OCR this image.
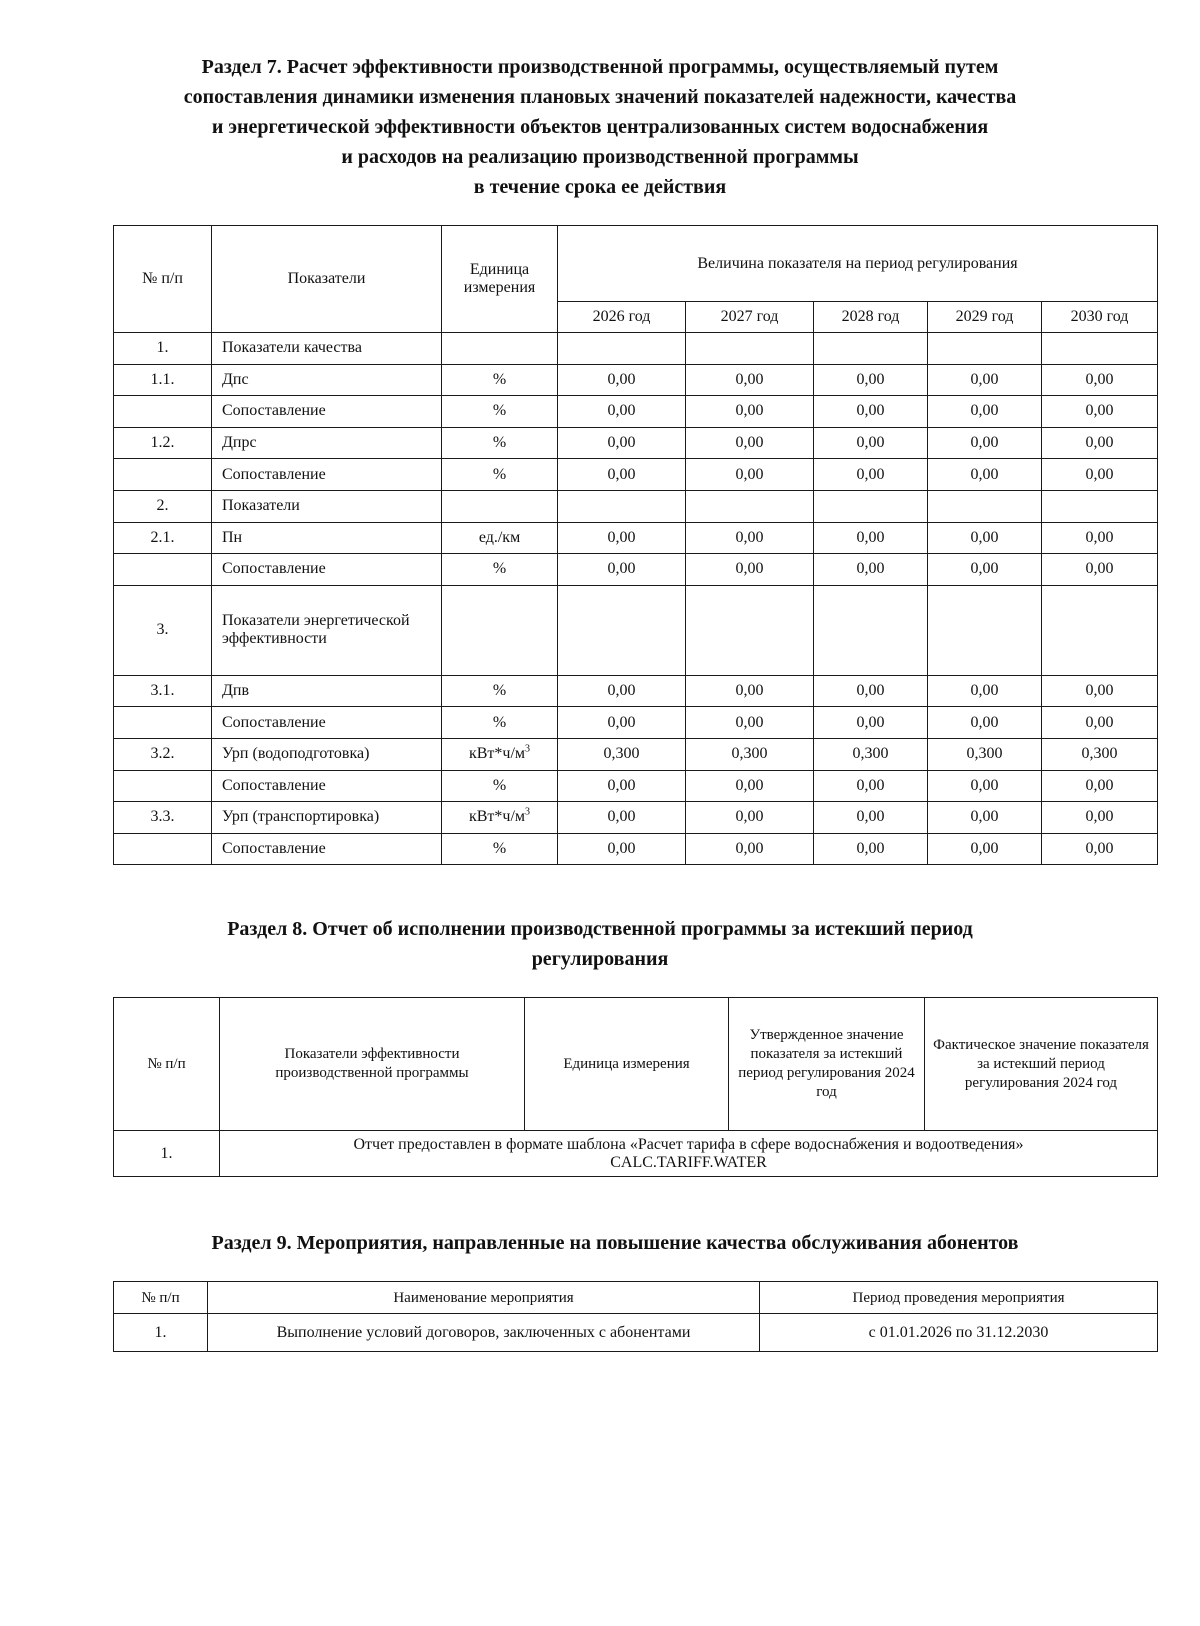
Раздел 7. Расчет эффективности производственной программы, осуществляемый путем
сопоставления динамики изменения плановых значений показателей надежности, качества
и энергетической эффективности объектов централизованных систем водоснабжения
и расходов на реализацию производственной программы
в течение срока ее действия
№ п/п	Показатели	Единица измерения	Величина показателя на период регулирования				
			2026 год	2027 год	2028 год	2029 год	2030 год
1.	Показатели качества						
1.1.	Дпс	%	0,00	0,00	0,00	0,00	0,00
	Сопоставление	%	0,00	0,00	0,00	0,00	0,00
1.2.	Дпрс	%	0,00	0,00	0,00	0,00	0,00
	Сопоставление	%	0,00	0,00	0,00	0,00	0,00
2.	Показатели						
2.1.	Пн	ед./км	0,00	0,00	0,00	0,00	0,00
	Сопоставление	%	0,00	0,00	0,00	0,00	0,00
3.	Показатели энергетической эффективности						
3.1.	Дпв	%	0,00	0,00	0,00	0,00	0,00
	Сопоставление	%	0,00	0,00	0,00	0,00	0,00
3.2.	Урп (водоподготовка)	$кВт*ч/м^3$	0,300	0,300	0,300	0,300	0,300
	Сопоставление	%	0,00	0,00	0,00	0,00	0,00
3.3.	Урп (транспортировка)	$кВт*ч/м^3$	0,00	0,00	0,00	0,00	0,00
	Сопоставление	%	0,00	0,00	0,00	0,00	0,00
Раздел 8. Отчет об исполнении производственной программы за истекший период
регулирования
№ п/п	Показатели эффективности производственной программы	Единица измерения	Утвержденное значение показателя за истекший период регулирования 2024 год	Фактическое значение показателя за истекший период регулирования 2024 год
1.	Отчет предоставлен в формате шаблона «Расчет тарифа в сфере водоснабжения и водоотведения»
CALC.TARIFF.WATER			
Раздел 9. Мероприятия, направленные на повышение качества обслуживания абонентов
№ п/п	Наименование мероприятия	Период проведения мероприятия
1.	Выполнение условий договоров, заключенных с абонентами	с 01.01.2026 по 31.12.2030
